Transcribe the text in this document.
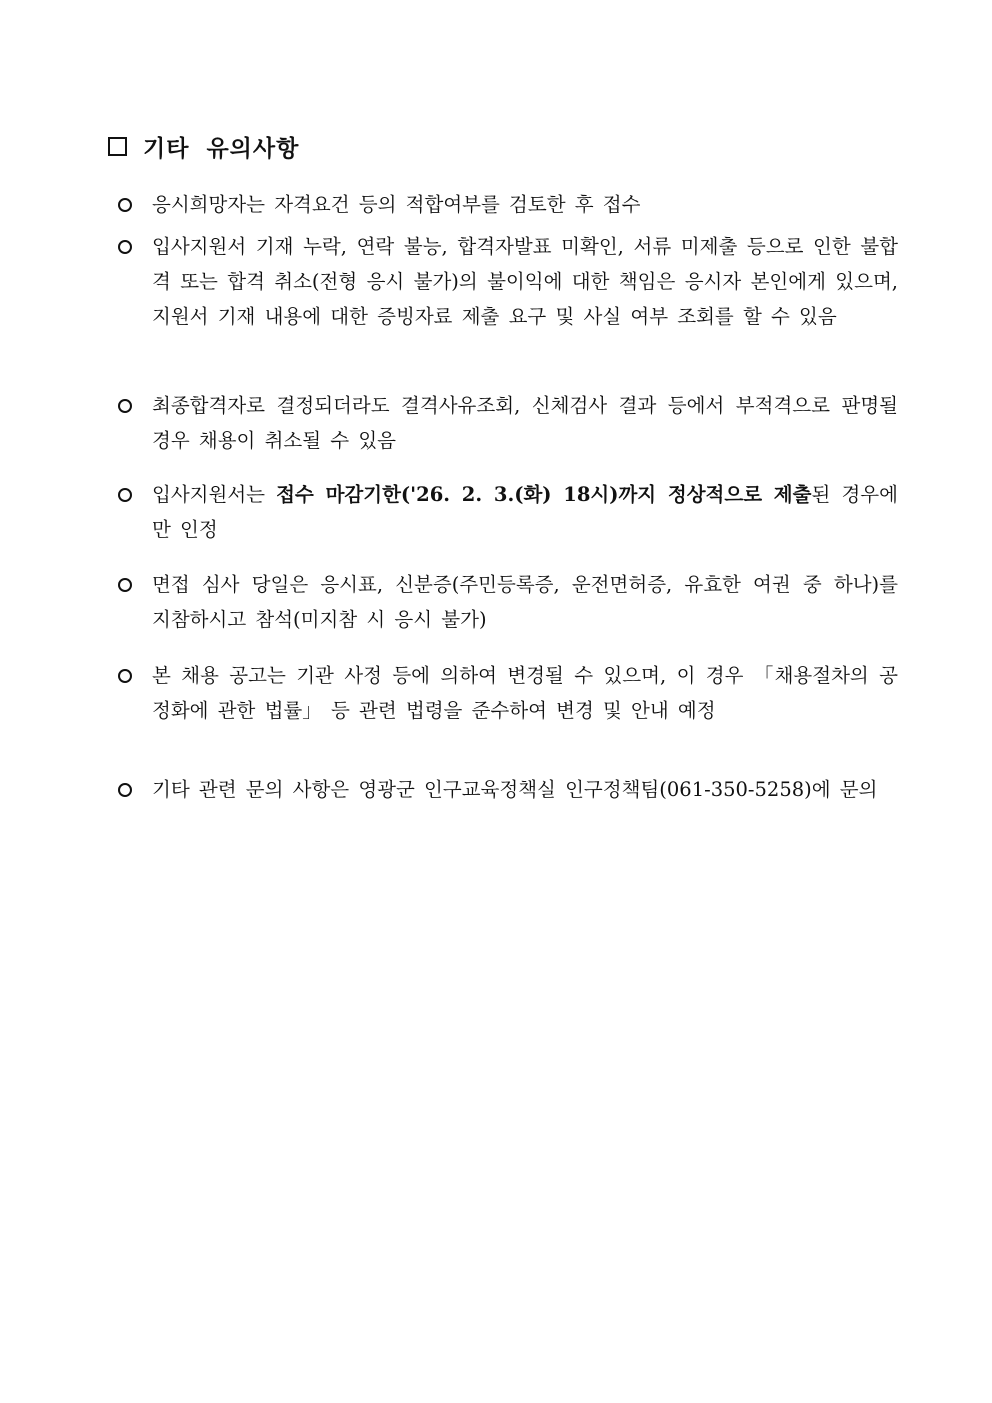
기타 유의사항
응시희망자는 자격요건 등의 적합여부를 검토한 후 접수
입사지원서 기재 누락, 연락 불능, 합격자발표 미확인, 서류 미제출 등으로 인한 불합격 또는 합격 취소(전형 응시 불가)의 불이익에 대한 책임은 응시자 본인에게 있으며, 지원서 기재 내용에 대한 증빙자료 제출 요구 및 사실 여부 조회를 할 수 있음
최종합격자로 결정되더라도 결격사유조회, 신체검사 결과 등에서 부적격으로 판명될 경우 채용이 취소될 수 있음
입사지원서는 접수 마감기한('26. 2. 3.(화) 18시)까지 정상적으로 제출된 경우에만 인정
면접 심사 당일은 응시표, 신분증(주민등록증, 운전면허증, 유효한 여권 중 하나)를 지참하시고 참석(미지참 시 응시 불가)
본 채용 공고는 기관 사정 등에 의하여 변경될 수 있으며, 이 경우 「채용절차의 공정화에 관한 법률」 등 관련 법령을 준수하여 변경 및 안내 예정
기타 관련 문의 사항은 영광군 인구교육정책실 인구정책팀(061-350-5258)에 문의
